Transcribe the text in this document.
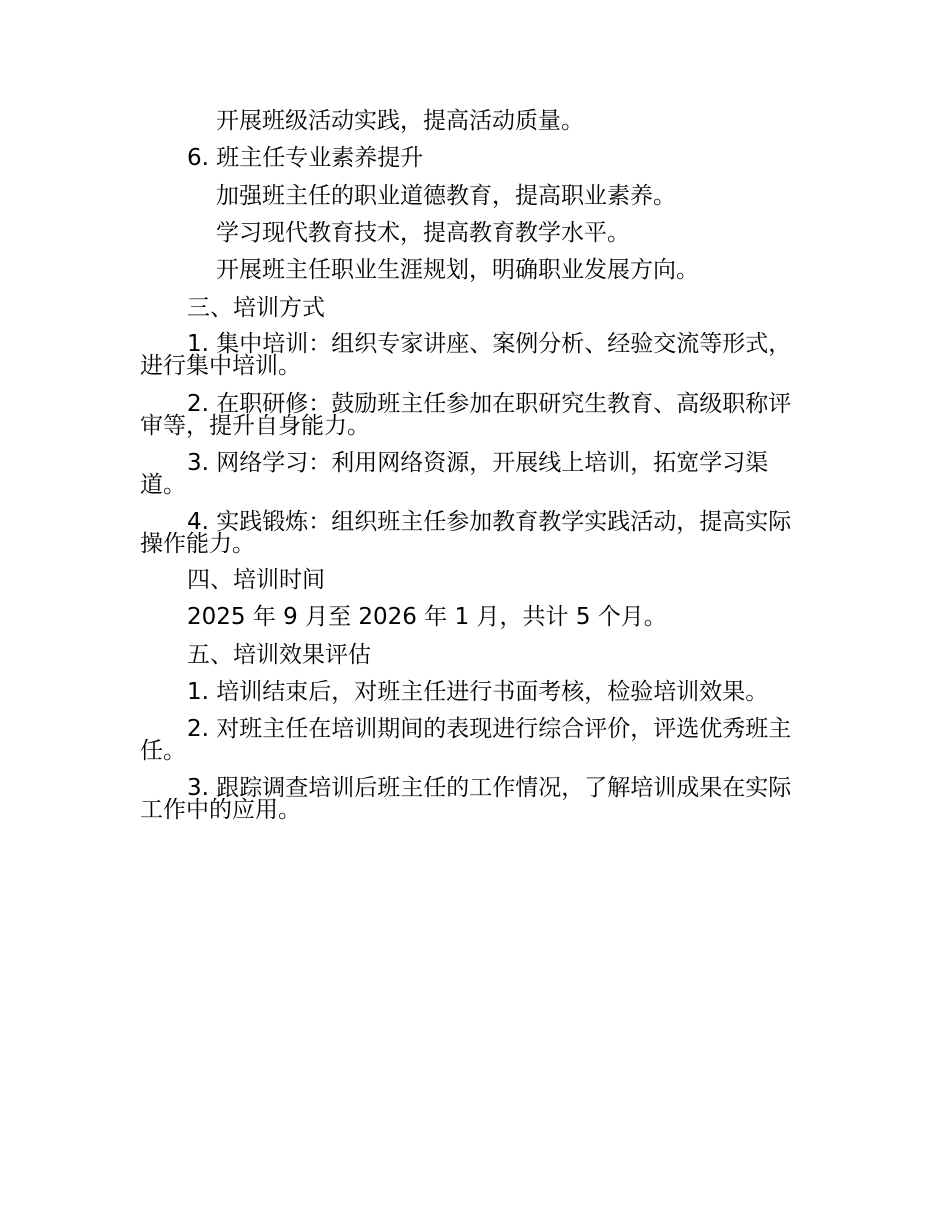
开展班级活动实践，提高活动质量。
6. 班主任专业素养提升
加强班主任的职业道德教育，提高职业素养。
学习现代教育技术，提高教育教学水平。
开展班主任职业生涯规划，明确职业发展方向。
三、培训方式
1. 集中培训：组织专家讲座、案例分析、经验交流等形式，进行集中培训。
2. 在职研修：鼓励班主任参加在职研究生教育、高级职称评审等，提升自身能力。
3. 网络学习：利用网络资源，开展线上培训，拓宽学习渠道。
4. 实践锻炼：组织班主任参加教育教学实践活动，提高实际操作能力。
四、培训时间
2025 年 9 月至 2026 年 1 月，共计 5 个月。
五、培训效果评估
1. 培训结束后，对班主任进行书面考核，检验培训效果。
2. 对班主任在培训期间的表现进行综合评价，评选优秀班主任。
3. 跟踪调查培训后班主任的工作情况，了解培训成果在实际工作中的应用。
